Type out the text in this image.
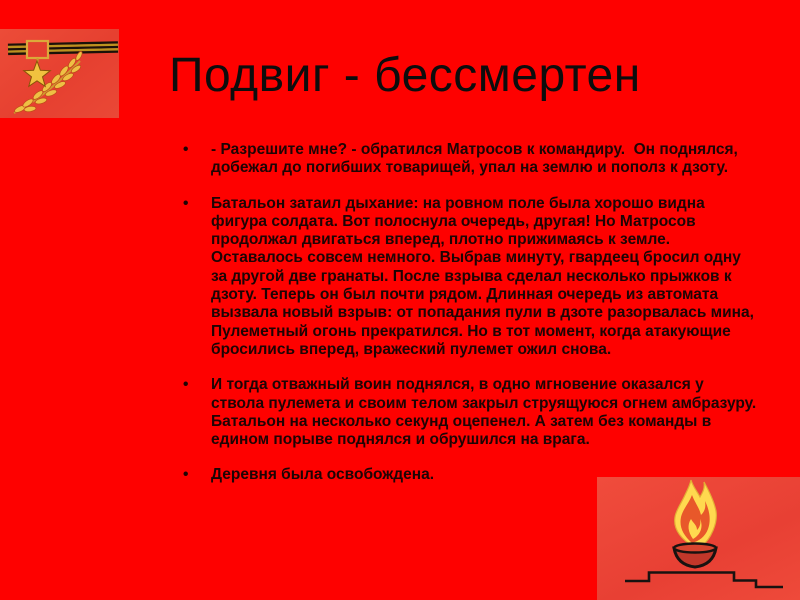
Подвиг - бессмертен
•	- Разрешите мне? - обратился Матросов к командиру.  Он поднялся, добежал до погибших товарищей, упал на землю и пополз к дзоту.

•	Батальон затаил дыхание: на ровном поле была хорошо видна фигура солдата. Вот полоснула очередь, другая! Но Матросов продолжал двигаться вперед, плотно прижимаясь к земле. Оставалось совсем немного. Выбрав минуту, гвардеец бросил одну за другой две гранаты. После взрыва сделал несколько прыжков к дзоту. Теперь он был почти рядом. Длинная очередь из автомата вызвала новый взрыв: от попадания пули в дзоте разорвалась мина, Пулеметный огонь прекратился. Но в тот момент, когда атакующие бросились вперед, вражеский пулемет ожил снова.

•	И тогда отважный воин поднялся, в одно мгновение оказался у ствола пулемета и своим телом закрыл струящуюся огнем амбразуру. Батальон на несколько секунд оцепенел. А затем без команды в едином порыве поднялся и обрушился на врага.

•	Деревня была освобождена.
